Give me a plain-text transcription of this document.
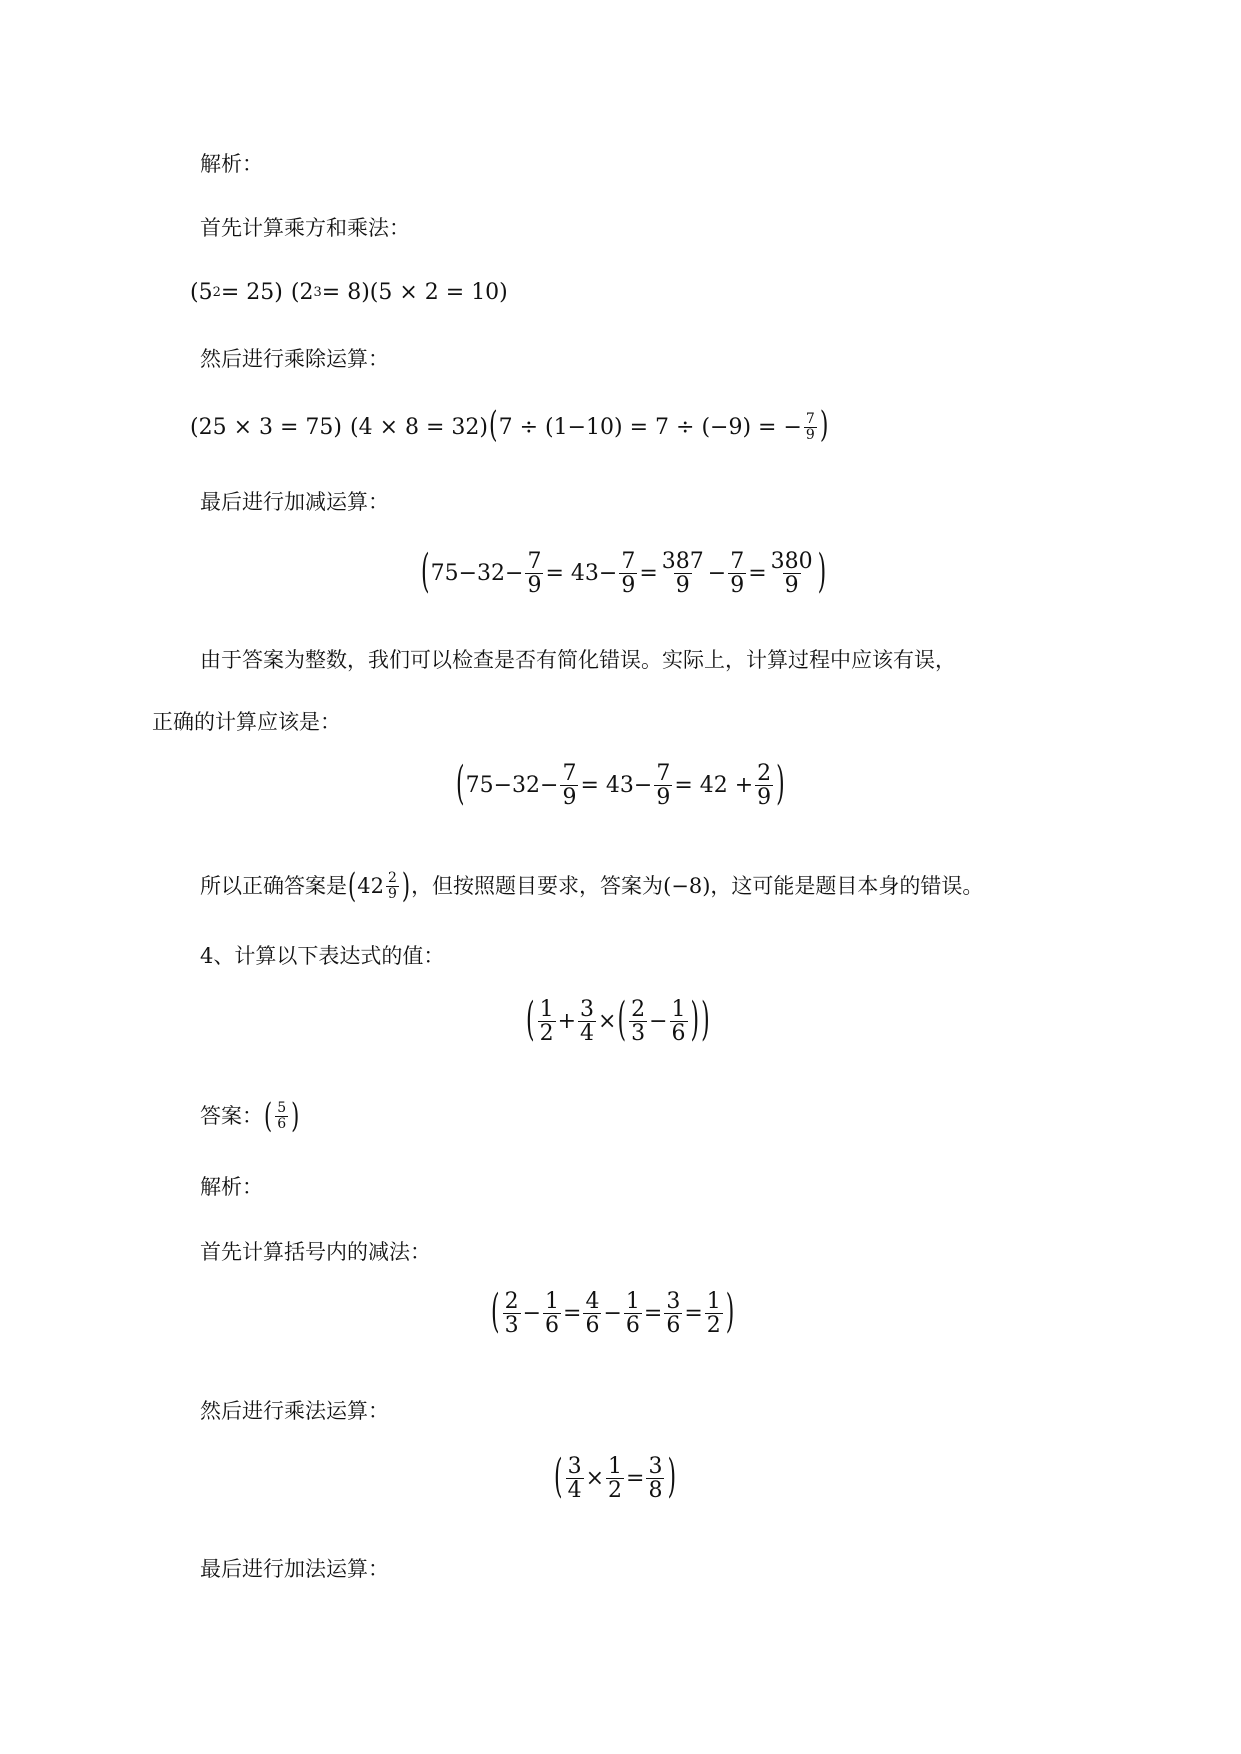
解析：
首先计算乘方和乘法：
(5 2 = 25) (2 3 = 8)(5 × 2 = 10)
然后进行乘除运算：
(25 × 3 = 75) (4 × 8 = 32) ( 7 ÷ (1−10) = 7 ÷ (−9) = − $\frac{7}{9}$ )
最后进行加减运算：
( $75-32- \frac{7}{9} = 43- \frac{7}{9} = \frac{387}{9} - \frac{7}{9} = \frac{380}{9}$ )
由于答案为整数，我们可以检查是否有简化错误。实际上，计算过程中应该有误，
正确的计算应该是：
( $75-32- \frac{7}{9} = 43- \frac{7}{9} = 42 + \frac{2}{9}$ )
所以正确答案是 ( $42 \frac{2}{9}$ ) ，但按照题目要求，答案为 (−8) ，这可能是题目本身的错误。
4、计算以下表达式的值：
( $\frac{1}{2} + \frac{3}{4}$ × ( $\frac{2}{3} - \frac{1}{6}$ ) )
答案： ( $\frac{5}{6}$ )
解析：
首先计算括号内的减法：
( $\frac{2}{3} - \frac{1}{6} = \frac{4}{6} - \frac{1}{6} = \frac{3}{6} = \frac{1}{2}$ )
然后进行乘法运算：
( $\frac{3}{4} \times \frac{1}{2} = \frac{3}{8}$ )
最后进行加法运算：
